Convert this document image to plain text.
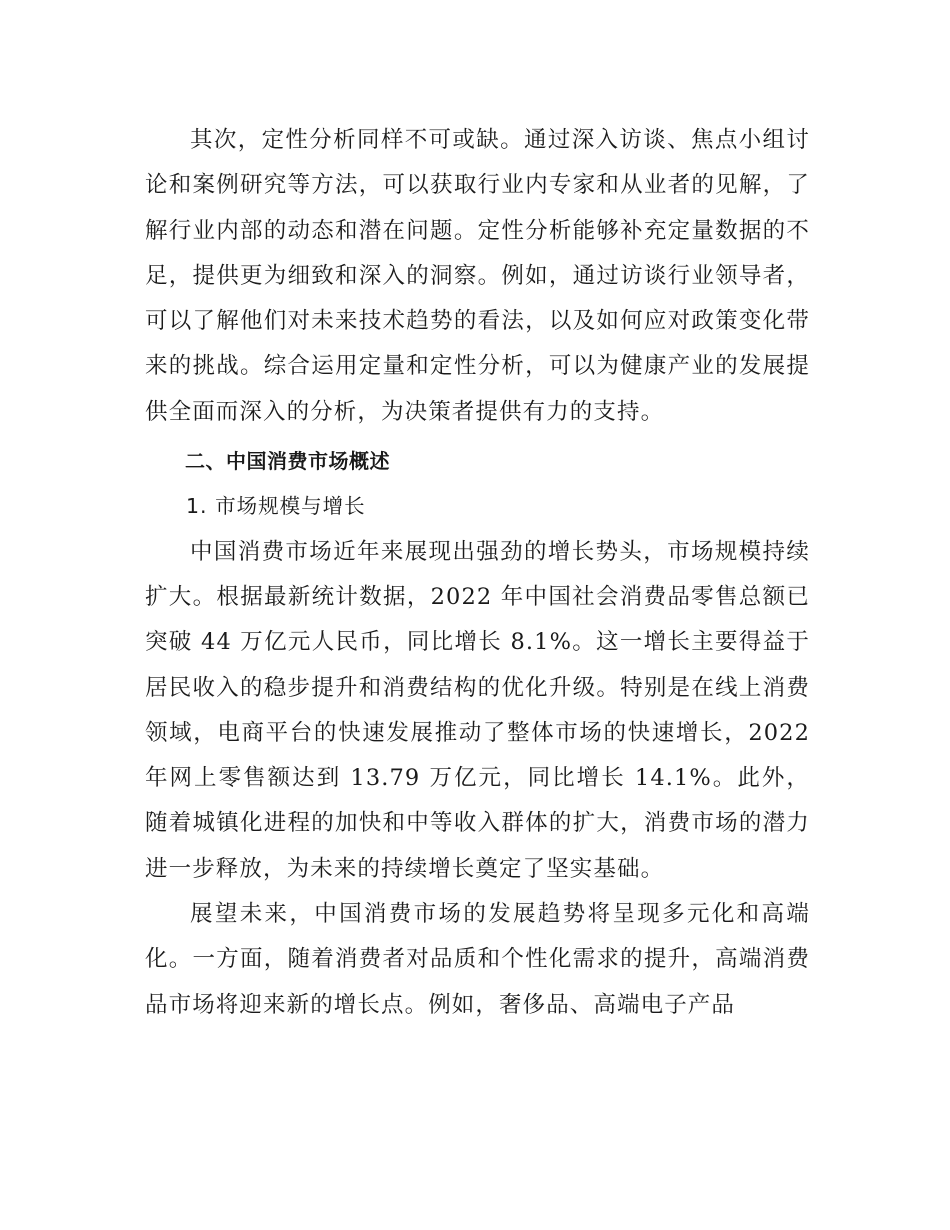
其次，定性分析同样不可或缺。通过深入访谈、焦点小组讨论和案例研究等方法，可以获取行业内专家和从业者的见解，了解行业内部的动态和潜在问题。定性分析能够补充定量数据的不足，提供更为细致和深入的洞察。例如，通过访谈行业领导者，可以了解他们对未来技术趋势的看法，以及如何应对政策变化带来的挑战。综合运用定量和定性分析，可以为健康产业的发展提供全面而深入的分析，为决策者提供有力的支持。

二、中国消费市场概述

1. 市场规模与增长

中国消费市场近年来展现出强劲的增长势头，市场规模持续扩大。根据最新统计数据，2022 年中国社会消费品零售总额已突破 44 万亿元人民币，同比增长 8.1%。这一增长主要得益于居民收入的稳步提升和消费结构的优化升级。特别是在线上消费领域，电商平台的快速发展推动了整体市场的快速增长，2022 年网上零售额达到 13.79 万亿元，同比增长 14.1%。此外，随着城镇化进程的加快和中等收入群体的扩大，消费市场的潜力进一步释放，为未来的持续增长奠定了坚实基础。

展望未来，中国消费市场的发展趋势将呈现多元化和高端化。一方面，随着消费者对品质和个性化需求的提升，高端消费品市场将迎来新的增长点。例如，奢侈品、高端电子产品
